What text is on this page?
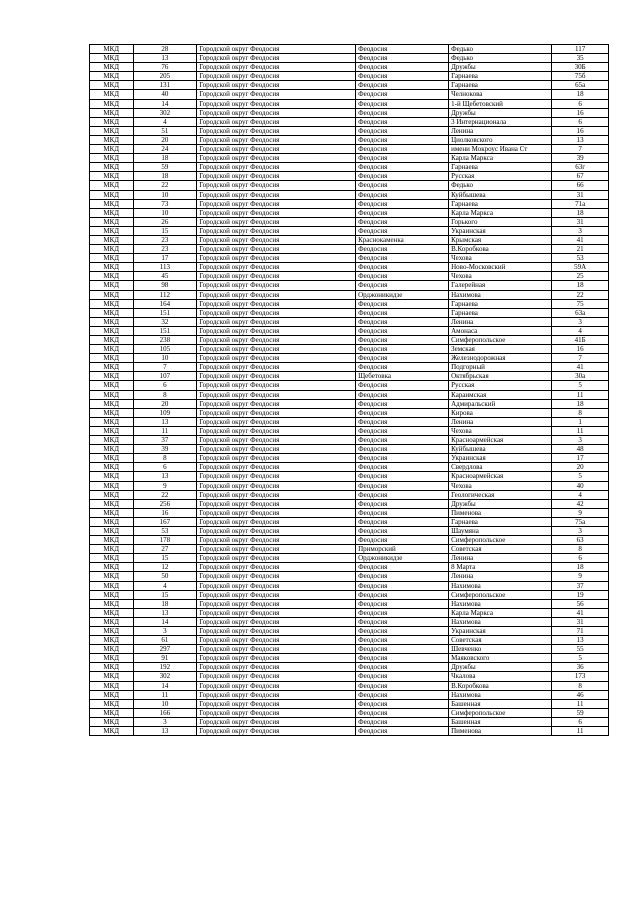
МКД	28	Городской округ Феодосия	Феодосия	Федько	117
МКД	13	Городской округ Феодосия	Феодосия	Федько	35
МКД	76	Городской округ Феодосия	Феодосия	Дружбы	30Б
МКД	205	Городской округ Феодосия	Феодосия	Гарнаева	75б
МКД	131	Городской округ Феодосия	Феодосия	Гарнаева	65а
МКД	40	Городской округ Феодосия	Феодосия	Челнокова	18
МКД	14	Городской округ Феодосия	Феодосия	1-й Щебетовский	6
МКД	302	Городской округ Феодосия	Феодосия	Дружбы	16
МКД	4	Городской округ Феодосия	Феодосия	3 Интернационала	6
МКД	51	Городской округ Феодосия	Феодосия	Ленина	16
МКД	20	Городской округ Феодосия	Феодосия	Циолковского	13
МКД	24	Городской округ Феодосия	Феодосия	имени Мокроус Ивана Ст	7
МКД	18	Городской округ Феодосия	Феодосия	Карла Маркса	39
МКД	59	Городской округ Феодосия	Феодосия	Гарнаева	63г
МКД	18	Городской округ Феодосия	Феодосия	Русская	67
МКД	22	Городской округ Феодосия	Феодосия	Федько	66
МКД	10	Городской округ Феодосия	Феодосия	Куйбышева	31
МКД	73	Городской округ Феодосия	Феодосия	Гарнаева	71а
МКД	10	Городской округ Феодосия	Феодосия	Карла Маркса	18
МКД	26	Городской округ Феодосия	Феодосия	Горького	31
МКД	15	Городской округ Феодосия	Феодосия	Украинская	3
МКД	23	Городской округ Феодосия	Краснокаменка	Крымская	41
МКД	23	Городской округ Феодосия	Феодосия	В.Коробкова	21
МКД	17	Городской округ Феодосия	Феодосия	Чехова	53
МКД	113	Городской округ Феодосия	Феодосия	Ново-Московский	59А
МКД	45	Городской округ Феодосия	Феодосия	Чехова	25
МКД	98	Городской округ Феодосия	Феодосия	Галерейная	18
МКД	112	Городской округ Феодосия	Орджоникидзе	Нахимова	22
МКД	164	Городской округ Феодосия	Феодосия	Гарнаева	75
МКД	151	Городской округ Феодосия	Феодосия	Гарнаева	63а
МКД	32	Городской округ Феодосия	Феодосия	Ленина	3
МКД	151	Городской округ Феодосия	Феодосия	Амонаса	4
МКД	238	Городской округ Феодосия	Феодосия	Симферопольское	41Б
МКД	105	Городской округ Феодосия	Феодосия	Земская	16
МКД	10	Городской округ Феодосия	Феодосия	Железнодорожная	7
МКД	7	Городской округ Феодосия	Феодосия	Подгорный	41
МКД	107	Городской округ Феодосия	Щебетовка	Октябрьская	30а
МКД	6	Городской округ Феодосия	Феодосия	Русская	5
МКД	8	Городской округ Феодосия	Феодосия	Караимская	11
МКД	20	Городской округ Феодосия	Феодосия	Адмиральский	18
МКД	109	Городской округ Феодосия	Феодосия	Кирова	8
МКД	13	Городской округ Феодосия	Феодосия	Ленина	1
МКД	11	Городской округ Феодосия	Феодосия	Чехова	11
МКД	37	Городской округ Феодосия	Феодосия	Красноармейская	3
МКД	39	Городской округ Феодосия	Феодосия	Куйбышева	48
МКД	8	Городской округ Феодосия	Феодосия	Украинская	17
МКД	6	Городской округ Феодосия	Феодосия	Свердлова	20
МКД	13	Городской округ Феодосия	Феодосия	Красноармейская	5
МКД	9	Городской округ Феодосия	Феодосия	Чехова	40
МКД	22	Городской округ Феодосия	Феодосия	Геологическая	4
МКД	256	Городской округ Феодосия	Феодосия	Дружбы	42
МКД	16	Городской округ Феодосия	Феодосия	Пименова	9
МКД	167	Городской округ Феодосия	Феодосия	Гарнаева	75а
МКД	53	Городской округ Феодосия	Феодосия	Шаумяна	3
МКД	178	Городской округ Феодосия	Феодосия	Симферопольское	63
МКД	27	Городской округ Феодосия	Приморский	Советская	8
МКД	15	Городской округ Феодосия	Орджоникидзе	Ленина	6
МКД	12	Городской округ Феодосия	Феодосия	8 Марта	18
МКД	50	Городской округ Феодосия	Феодосия	Ленина	9
МКД	4	Городской округ Феодосия	Феодосия	Нахимова	37
МКД	15	Городской округ Феодосия	Феодосия	Симферопольское	19
МКД	18	Городской округ Феодосия	Феодосия	Нахимова	56
МКД	13	Городской округ Феодосия	Феодосия	Карла Маркса	41
МКД	14	Городской округ Феодосия	Феодосия	Нахимова	31
МКД	3	Городской округ Феодосия	Феодосия	Украинская	71
МКД	61	Городской округ Феодосия	Феодосия	Советская	13
МКД	297	Городской округ Феодосия	Феодосия	Шевченко	55
МКД	91	Городской округ Феодосия	Феодосия	Маяковского	5
МКД	192	Городской округ Феодосия	Феодосия	Дружбы	36
МКД	302	Городской округ Феодосия	Феодосия	Чкалова	173
МКД	14	Городской округ Феодосия	Феодосия	В.Коробкова	8
МКД	11	Городской округ Феодосия	Феодосия	Нахимова	46
МКД	10	Городской округ Феодосия	Феодосия	Башенная	11
МКД	166	Городской округ Феодосия	Феодосия	Симферопольское	59
МКД	3	Городской округ Феодосия	Феодосия	Башенная	6
МКД	13	Городской округ Феодосия	Феодосия	Пименова	11
